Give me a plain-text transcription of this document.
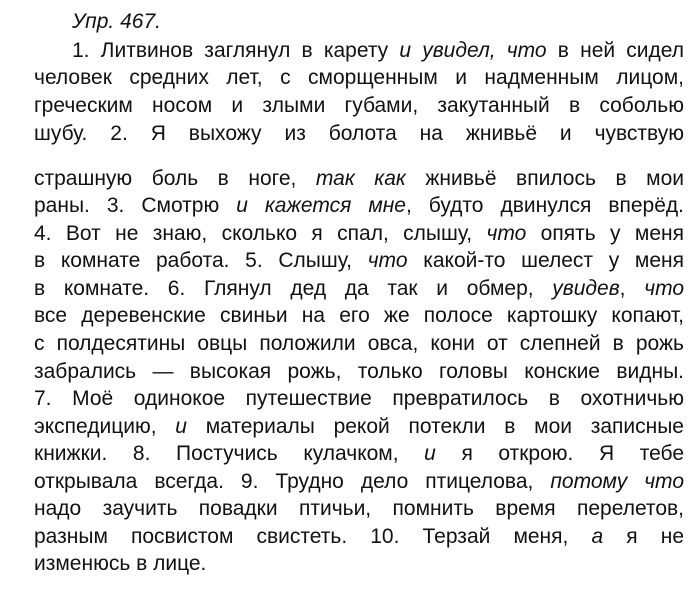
Упр. 467.
1. Литвинов заглянул в карету и увидел, что в ней сидел
человек средних лет, с сморщенным и надменным лицом,
греческим носом и злыми губами, закутанный в соболью
шубу. 2. Я выхожу из болота на жнивьё и чувствую
страшную боль в ноге, так как жнивьё впилось в мои
раны. 3. Смотрю и кажется мне, будто двинулся вперёд.
4. Вот не знаю, сколько я спал, слышу, что опять у меня
в комнате работа. 5. Слышу, что какой-то шелест у меня
в комнате. 6. Глянул дед да так и обмер, увидев, что
все деревенские свиньи на его же полосе картошку копают,
с полдесятины овцы положили овса, кони от слепней в рожь
забрались — высокая рожь, только головы конские видны.
7. Моё одинокое путешествие превратилось в охотничью
экспедицию, и материалы рекой потекли в мои записные
книжки. 8. Постучись кулачком, и я открою. Я тебе
открывала всегда. 9. Трудно дело птицелова, потому что
надо заучить повадки птичьи, помнить время перелетов,
разным посвистом свистеть. 10. Терзай меня, а я не
изменюсь в лице.
